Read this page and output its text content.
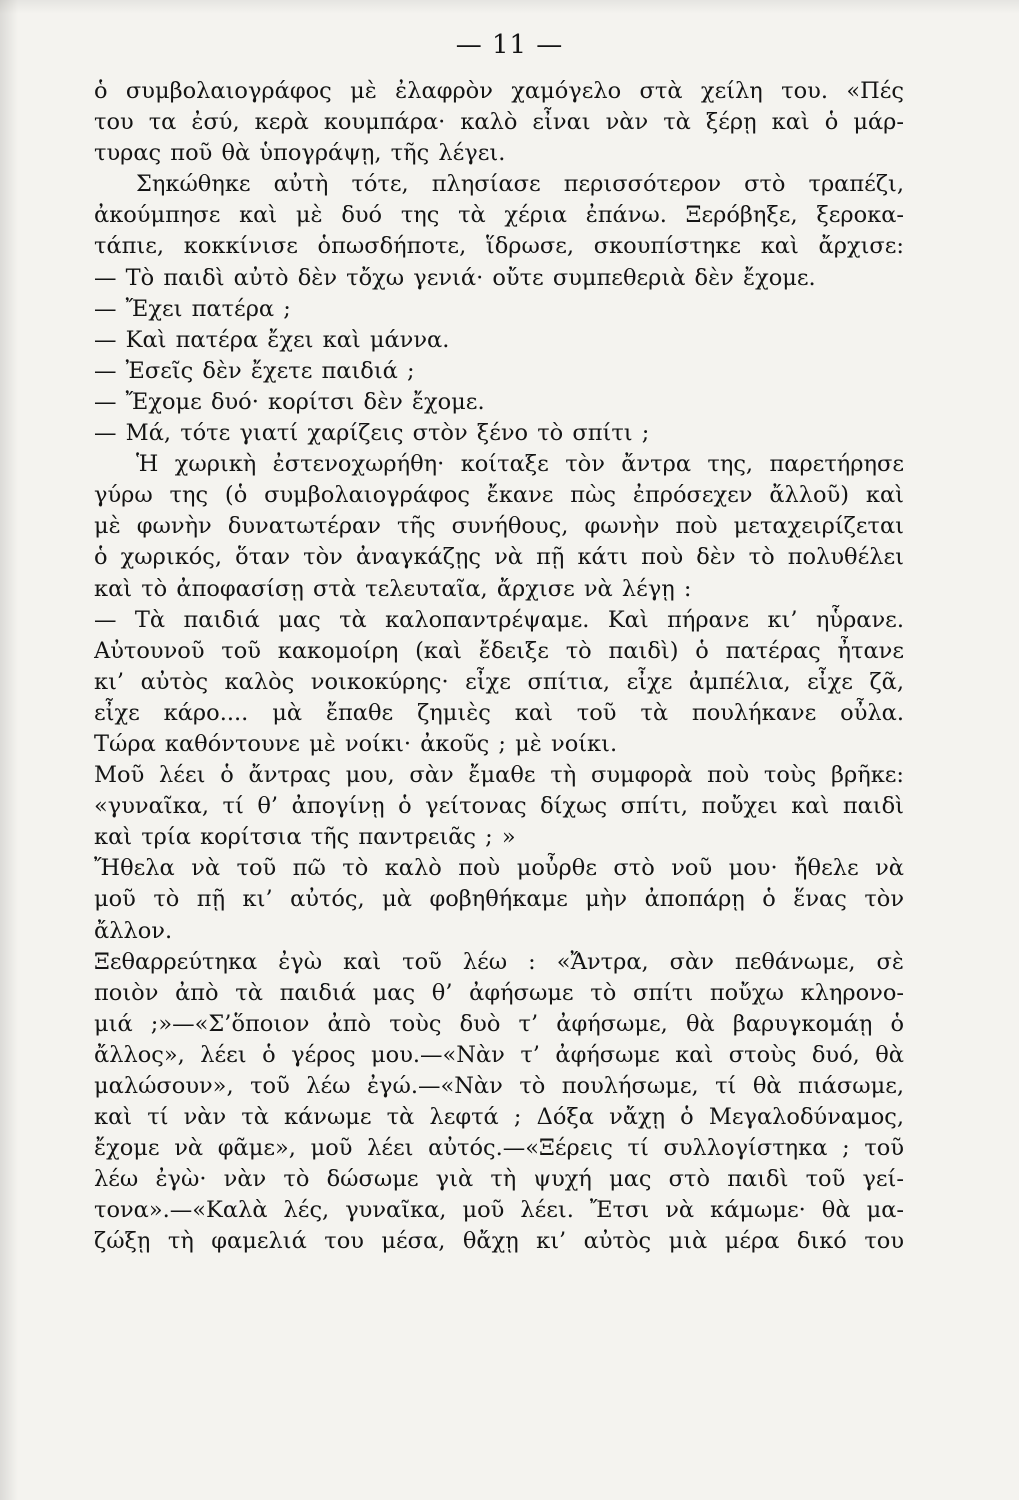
— 11 —
ὁ συμβολαιογράφος μὲ ἐλαφρὸν χαμόγελο στὰ χείλη του. «Πές
του τα ἐσύ, κερὰ κουμπάρα· καλὸ εἶναι νὰν τὰ ξέρῃ καὶ ὁ μάρ-
τυρας ποῦ θὰ ὑπογράψῃ, τῆς λέγει.
Σηκώθηκε αὐτὴ τότε, πλησίασε περισσότερον στὸ τραπέζι,
ἀκούμπησε καὶ μὲ δυό της τὰ χέρια ἐπάνω. Ξερόβηξε, ξεροκα-
τάπιε, κοκκίνισε ὁπωσδήποτε, ἵδρωσε, σκουπίστηκε καὶ ἄρχισε:
— Τὸ παιδὶ αὐτὸ δὲν τὄχω γενιά· οὔτε συμπεθεριὰ δὲν ἔχομε.
— Ἔχει πατέρα ;
— Καὶ πατέρα ἔχει καὶ μάννα.
— Ἐσεῖς δὲν ἔχετε παιδιά ;
— Ἔχομε δυό· κορίτσι δὲν ἔχομε.
— Μά, τότε γιατί χαρίζεις στὸν ξένο τὸ σπίτι ;
Ἡ χωρικὴ ἐστενοχωρήθη· κοίταξε τὸν ἄντρα της, παρετήρησε
γύρω της (ὁ συμβολαιογράφος ἔκανε πὼς ἐπρόσεχεν ἄλλοῦ) καὶ
μὲ φωνὴν δυνατωτέραν τῆς συνήθους, φωνὴν ποὺ μεταχειρίζεται
ὁ χωρικός, ὅταν τὸν ἀναγκάζῃς νὰ πῇ κάτι ποὺ δὲν τὸ πολυθέλει
καὶ τὸ ἀποφασίσῃ στὰ τελευταῖα, ἄρχισε νὰ λέγῃ :
— Τὰ παιδιά μας τὰ καλοπαντρέψαμε. Καὶ πήρανε κι’ ηὗρανε.
Αὐτουνοῦ τοῦ κακομοίρη (καὶ ἔδειξε τὸ παιδὶ) ὁ πατέρας ἦτανε
κι’ αὐτὸς καλὸς νοικοκύρης· εἶχε σπίτια, εἶχε ἀμπέλια, εἶχε ζᾶ,
εἶχε κάρο.... μὰ ἔπαθε ζημιὲς καὶ τοῦ τὰ πουλήκανε οὖλα.
Τώρα καθόντουνε μὲ νοίκι· ἀκοῦς ; μὲ νοίκι.
Μοῦ λέει ὁ ἄντρας μου, σὰν ἔμαθε τὴ συμφορὰ ποὺ τοὺς βρῆκε:
«γυναῖκα, τί θ’ ἀπογίνῃ ὁ γείτονας δίχως σπίτι, ποὔχει καὶ παιδὶ
καὶ τρία κορίτσια τῆς παντρειᾶς ; »
Ἤθελα νὰ τοῦ πῶ τὸ καλὸ ποὺ μοὖρθε στὸ νοῦ μου· ἤθελε νὰ
μοῦ τὸ πῇ κι’ αὐτός, μὰ φοβηθήκαμε μὴν ἀποπάρῃ ὁ ἕνας τὸν
ἄλλον.
Ξεθαρρεύτηκα ἐγὼ καὶ τοῦ λέω : «Ἄντρα, σὰν πεθάνωμε, σὲ
ποιὸν ἀπὸ τὰ παιδιά μας θ’ ἀφήσωμε τὸ σπίτι ποὔχω κληρονο-
μιά ;»—«Σ’ὅποιον ἀπὸ τοὺς δυὸ τ’ ἀφήσωμε, θὰ βαρυγκομάῃ ὁ
ἄλλος», λέει ὁ γέρος μου.—«Νὰν τ’ ἀφήσωμε καὶ στοὺς δυό, θὰ
μαλώσουν», τοῦ λέω ἐγώ.—«Νὰν τὸ πουλήσωμε, τί θὰ πιάσωμε,
καὶ τί νὰν τὰ κάνωμε τὰ λεφτά ; Δόξα νἄχῃ ὁ Μεγαλοδύναμος,
ἔχομε νὰ φᾶμε», μοῦ λέει αὐτός.—«Ξέρεις τί συλλογίστηκα ; τοῦ
λέω ἐγὼ· νὰν τὸ δώσωμε γιὰ τὴ ψυχή μας στὸ παιδὶ τοῦ γεί-
τονα».—«Καλὰ λές, γυναῖκα, μοῦ λέει. Ἔτσι νὰ κάμωμε· θὰ μα-
ζώξῃ τὴ φαμελιά του μέσα, θἄχῃ κι’ αὐτὸς μιὰ μέρα δικό του
